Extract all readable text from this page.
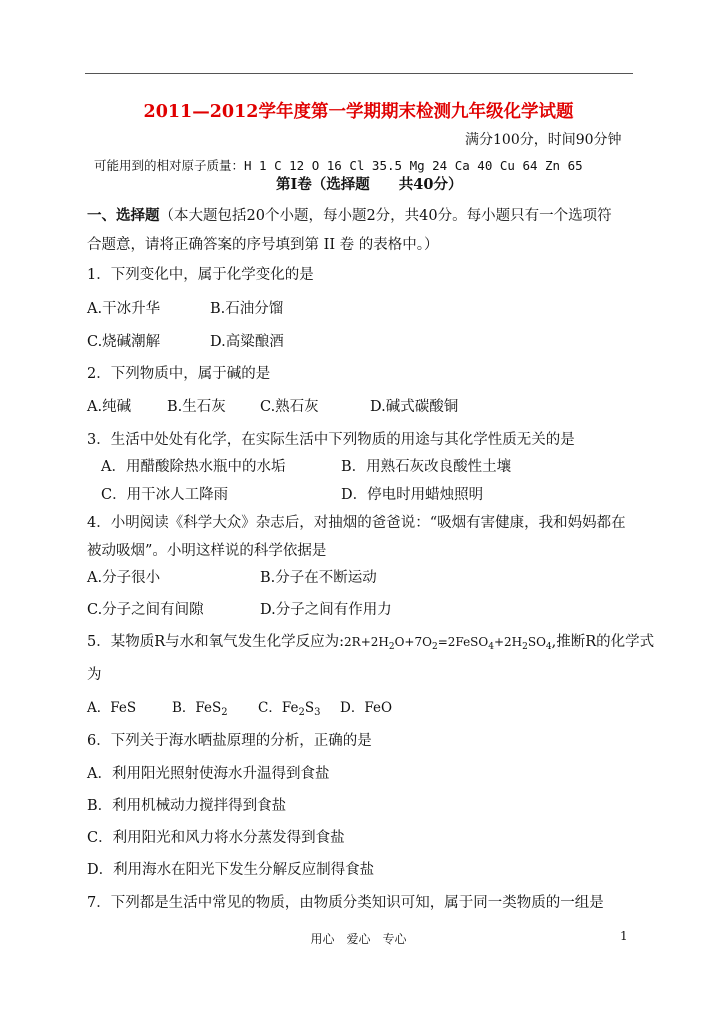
2011—2012学年度第一学期期末检测九年级化学试题
满分100分，时间90分钟
可能用到的相对原子质量：H 1 C 12 O 16 Cl 35.5 Mg 24 Ca 40 Cu 64 Zn 65
第Ⅰ卷（选择题　　共40分）
一、选择题（本大题包括20个小题，每小题2分，共40分。每小题只有一个选项符
合题意，请将正确答案的序号填到第 II 卷 的表格中。）
1．下列变化中，属于化学变化的是
A.干冰升华	B.石油分馏
C.烧碱潮解	D.高粱酿酒
2．下列物质中，属于碱的是
A.纯碱 B.生石灰 C.熟石灰	D.碱式碳酸铜
3．生活中处处有化学，在实际生活中下列物质的用途与其化学性质无关的是
A．用醋酸除热水瓶中的水垢	B．用熟石灰改良酸性土壤
C．用干冰人工降雨	D．停电时用蜡烛照明
4．小明阅读《科学大众》杂志后，对抽烟的爸爸说：“吸烟有害健康，我和妈妈都在
被动吸烟”。小明这样说的科学依据是
A.分子很小	B.分子在不断运动
C.分子之间有间隙	D.分子之间有作用力
5．某物质R与水和氧气发生化学反应为$:2R+2H_2O+7O_2=2FeSO_4+2H_2SO_4$,推断R的化学式
为
A．FeS	B．FeS$_2$ C．$Fe_2S_3$ D．FeO
6．下列关于海水晒盐原理的分析，正确的是
A．利用阳光照射使海水升温得到食盐
B．利用机械动力搅拌得到食盐
C．利用阳光和风力将水分蒸发得到食盐
D．利用海水在阳光下发生分解反应制得食盐
7．下列都是生活中常见的物质，由物质分类知识可知，属于同一类物质的一组是
用心　爱心　专心	1
